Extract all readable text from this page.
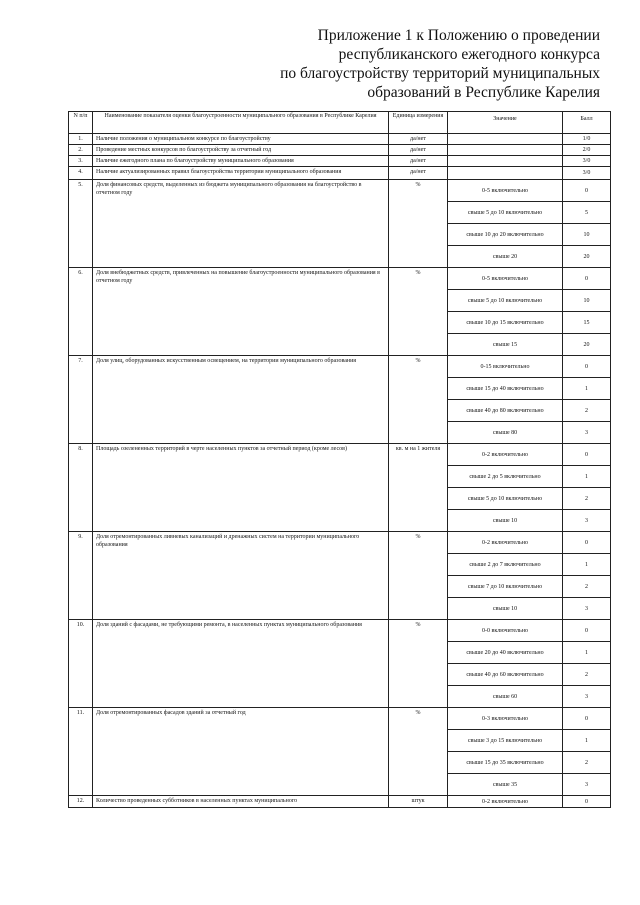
Приложение 1 к Положению о проведении
республиканского ежегодного конкурса
по благоустройству территорий муниципальных
образований в Республике Карелия
N п/п	Наименование показателя оценки благоустроенности муниципального образования в Республике Карелия	Единица измерения	Значение	Балл
1.	Наличие положения о муниципальном конкурсе по благоустройству	да/нет		1/0
2.	Проведение местных конкурсов по благоустройству за отчетный год	да/нет		2/0
3.	Наличие ежегодного плана по благоустройству муниципального образования	да/нет		3/0
4.	Наличие актуализированных правил благоустройства территории муниципального образования	да/нет		3/0
5.	Доля финансовых средств, выделенных из бюджета муниципального образования на благоустройство в отчетном году	%	0-5 включительно	0
			свыше 5 до 10 включительно	5
			свыше 10 до 20 включительно	10
			свыше 20	20
6.	Доля внебюджетных средств, привлеченных на повышение благоустроенности муниципального образования в отчетном году	%	0-5 включительно	0
			свыше 5 до 10 включительно	10
			свыше 10 до 15 включительно	15
			свыше 15	20
7.	Доля улиц, оборудованных искусственным освещением, на территории муниципального образования	%	0-15 включительно	0
			свыше 15 до 40 включительно	1
			свыше 40 до 80 включительно	2
			свыше 80	3
8.	Площадь озелененных территорий в черте населенных пунктов за отчетный период (кроме лесов)	кв. м на 1 жителя	0-2 включительно	0
			свыше 2 до 5 включительно	1
			свыше 5 до 10 включительно	2
			свыше 10	3
9.	Доля отремонтированных ливневых канализаций и дренажных систем на территории муниципального образования	%	0-2 включительно	0
			свыше 2 до 7 включительно	1
			свыше 7 до 10 включительно	2
			свыше 10	3
10.	Доля зданий с фасадами, не требующими ремонта, в населенных пунктах муниципального образования	%	0-0 включительно	0
			свыше 20 до 40 включительно	1
			свыше 40 до 60 включительно	2
			свыше 60	3
11.	Доля отремонтированных фасадов зданий за отчетный год	%	0-3 включительно	0
			свыше 3 до 15 включительно	1
			свыше 15 до 35 включительно	2
			свыше 35	3
12.	Количество проведенных субботников в населенных пунктах муниципального	штук	0-2 включительно	0
